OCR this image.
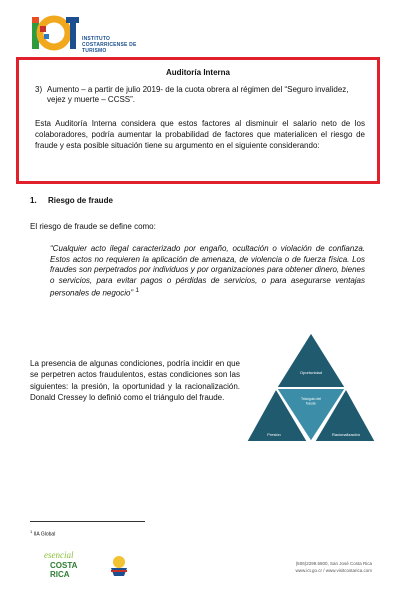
INSTITUTO
COSTARRICENSE DE
TURISMO
Auditoría Interna
3) Aumento – a partir de julio 2019- de la cuota obrera al régimen del “Seguro invalidez, vejez y muerte – CCSS”.
Esta Auditoría Interna considera que estos factores al disminuir el salario neto de los colaboradores, podría aumentar la probabilidad de factores que materialicen el riesgo de fraude y esta posible situación tiene su argumento en el siguiente considerando:
1. Riesgo de fraude
El riesgo de fraude se define como:
“Cualquier acto ilegal caracterizado por engaño, ocultación o violación de confianza. Estos actos no requieren la aplicación de amenaza, de violencia o de fuerza física. Los fraudes son perpetrados por individuos y por organizaciones para obtener dinero, bienes o servicios, para evitar pagos o pérdidas de servicios, o para asegurarse ventajas personales de negocio” $^1$
La presencia de algunas condiciones, podría incidir en que se perpetren actos fraudulentos, estas condiciones son las siguientes: la presión, la oportunidad y la racionalización. Donald Cressey lo definió como el triángulo del fraude.
Oportunidad
Triángulo del fraude
Presión	Racionalización
$^1$ IIA Global
esencial
COSTA
RICA
(506)2299.5800, San José Costa Rica
www.ict.go.cr / www.visitcostarica.com
